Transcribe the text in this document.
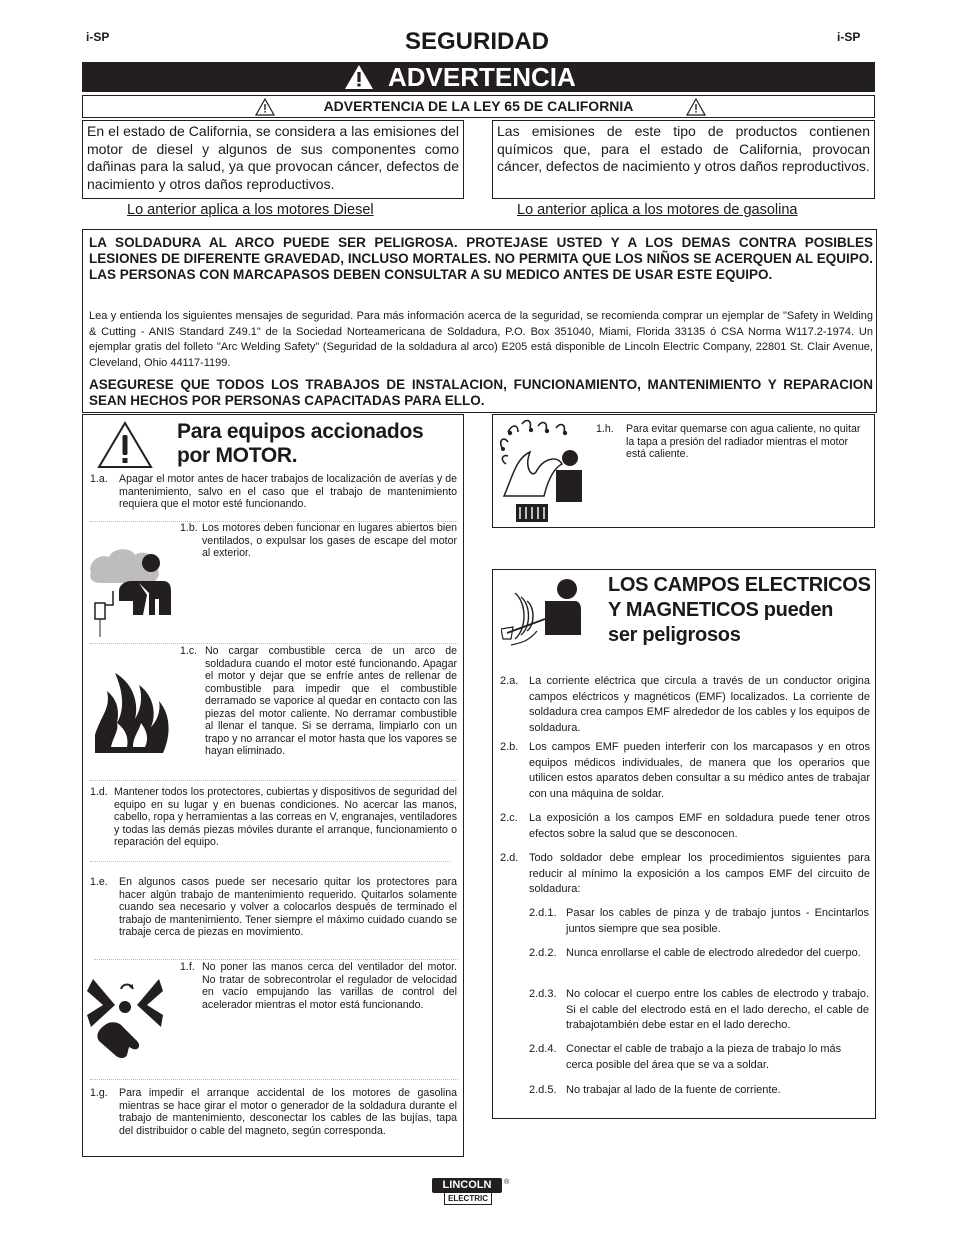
i-SP	i-SP
SEGURIDAD
ADVERTENCIA
ADVERTENCIA DE LA LEY 65 DE CALIFORNIA
En el estado de California, se considera a las emisiones del motor de diesel y algunos de sus componentes como dañinas para la salud, ya que provocan cáncer, defectos de nacimiento y otros daños reproductivos.
Las emisiones de este tipo de productos contienen químicos que, para el estado de California, provocan cáncer, defectos de nacimiento y otros daños reproductivos.
Lo anterior aplica a los motores Diesel	Lo anterior aplica a los motores de gasolina
LA SOLDADURA AL ARCO PUEDE SER PELIGROSA. PROTEJASE USTED Y A LOS DEMAS CONTRA POSIBLES LESIONES DE DIFERENTE GRAVEDAD, INCLUSO MORTALES. NO PERMITA QUE LOS NIÑOS SE ACERQUEN AL EQUIPO. LAS PERSONAS CON MARCAPASOS DEBEN CONSULTAR A SU MEDICO ANTES DE USAR ESTE EQUIPO.
Lea y entienda los siguientes mensajes de seguridad. Para más información acerca de la seguridad, se recomienda comprar un ejemplar de "Safety in Welding & Cutting - ANIS Standard Z49.1" de la Sociedad Norteamericana de Soldadura, P.O. Box 351040, Miami, Florida 33135 ó CSA Norma W117.2-1974. Un ejemplar gratis del folleto "Arc Welding Safety" (Seguridad de la soldadura al arco) E205 está disponible de Lincoln Electric Company, 22801 St. Clair Avenue, Cleveland, Ohio 44117-1199.
ASEGURESE QUE TODOS LOS TRABAJOS DE INSTALACION, FUNCIONAMIENTO, MANTENIMIENTO Y REPARACION SEAN HECHOS POR PERSONAS CAPACITADAS PARA ELLO.
Para equipos accionados
por MOTOR.
1.a. Apagar el motor antes de hacer trabajos de localización de averías y de mantenimiento, salvo en el caso que el trabajo de mantenimiento requiera que el motor esté funcionando.
1.b. Los motores deben funcionar en lugares abiertos bien ventilados, o expulsar los gases de escape del motor al exterior.
1.c. No cargar combustible cerca de un arco de soldadura cuando el motor esté funcionando. Apagar el motor y dejar que se enfríe antes de rellenar de combustible para impedir que el combustible derramado se vaporice al quedar en contacto con las piezas del motor caliente. No derramar combustible al llenar el tanque. Si se derrama, limpiarlo con un trapo y no arrancar el motor hasta que los vapores se hayan eliminado.
1.d. Mantener todos los protectores, cubiertas y dispositivos de seguridad del equipo en su lugar y en buenas condiciones. No acercar las manos, cabello, ropa y herramientas a las correas en V, engranajes, ventiladores y todas las demás piezas móviles durante el arranque, funcionamiento o reparación del equipo.
1.e. En algunos casos puede ser necesario quitar los protectores para hacer algún trabajo de mantenimiento requerido. Quitarlos solamente cuando sea necesario y volver a colocarlos después de terminado el trabajo de mantenimiento. Tener siempre el máximo cuidado cuando se trabaje cerca de piezas en movimiento.
1.f. No poner las manos cerca del ventilador del motor. No tratar de sobrecontrolar el regulador de velocidad en vacío empujando las varillas de control del acelerador mientras el motor está funcionando.
1.g. Para impedir el arranque accidental de los motores de gasolina mientras se hace girar el motor o generador de la soldadura durante el trabajo de mantenimiento, desconectar los cables de las bujías, tapa del distribuidor o cable del magneto, según corresponda.
1.h. Para evitar quemarse con agua caliente, no quitar la tapa a presión del radiador mientras el motor está caliente.
LOS CAMPOS ELECTRICOS
Y MAGNETICOS pueden
ser peligrosos
2.a. La corriente eléctrica que circula a través de un conductor origina campos eléctricos y magnéticos (EMF) localizados. La corriente de soldadura crea campos EMF alrededor de los cables y los equipos de soldadura.
2.b. Los campos EMF pueden interferir con los marcapasos y en otros equipos médicos individuales, de manera que los operarios que utilicen estos aparatos deben consultar a su médico antes de trabajar con una máquina de soldar.
2.c. La exposición a los campos EMF en soldadura puede tener otros efectos sobre la salud que se desconocen.
2.d. Todo soldador debe emplear los procedimientos siguientes para reducir al mínimo la exposición a los campos EMF del circuito de soldadura:
2.d.1. Pasar los cables de pinza y de trabajo juntos - Encintarlos juntos siempre que sea posible.
2.d.2. Nunca enrollarse el cable de electrodo alrededor del cuerpo.
2.d.3. No colocar el cuerpo entre los cables de electrodo y trabajo. Si el cable del electrodo está en el lado derecho, el cable de trabajotambién debe estar en el lado derecho.
2.d.4. Conectar el cable de trabajo a la pieza de trabajo lo más cerca posible del área que se va a soldar.
2.d.5. No trabajar al lado de la fuente de corriente.
LINCOLN	®
ELECTRIC
